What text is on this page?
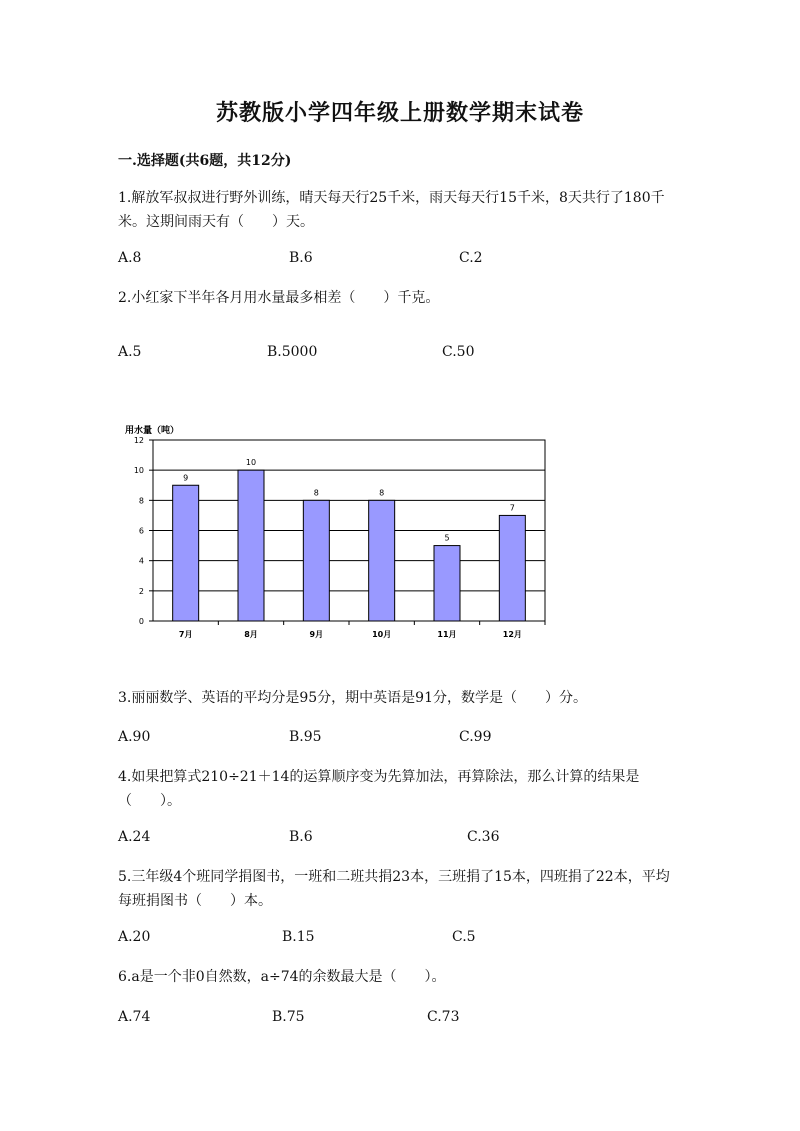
苏教版小学四年级上册数学期末试卷
一.选择题(共6题，共12分)
1.解放军叔叔进行野外训练，晴天每天行25千米，雨天每天行15千米，8天共行了180千米。这期间雨天有（　　）天。
A.8	B.6	C.2
2.小红家下半年各月用水量最多相差（　　）千克。
A.5	B.5000	C.50
用水量（吨）
0
2
4
6
8
10
12
9
7月
10
8月
8
9月
8
10月
5
11月
7
12月
3.丽丽数学、英语的平均分是95分，期中英语是91分，数学是（　　）分。
A.90	B.95	C.99
4.如果把算式210÷21＋14的运算顺序变为先算加法，再算除法，那么计算的结果是（　　）。
A.24	B.6	C.36
5.三年级4个班同学捐图书，一班和二班共捐23本，三班捐了15本，四班捐了22本，平均每班捐图书（　　）本。
A.20	B.15	C.5
6.a是一个非0自然数，a÷74的余数最大是（　　）。
A.74	B.75	C.73
